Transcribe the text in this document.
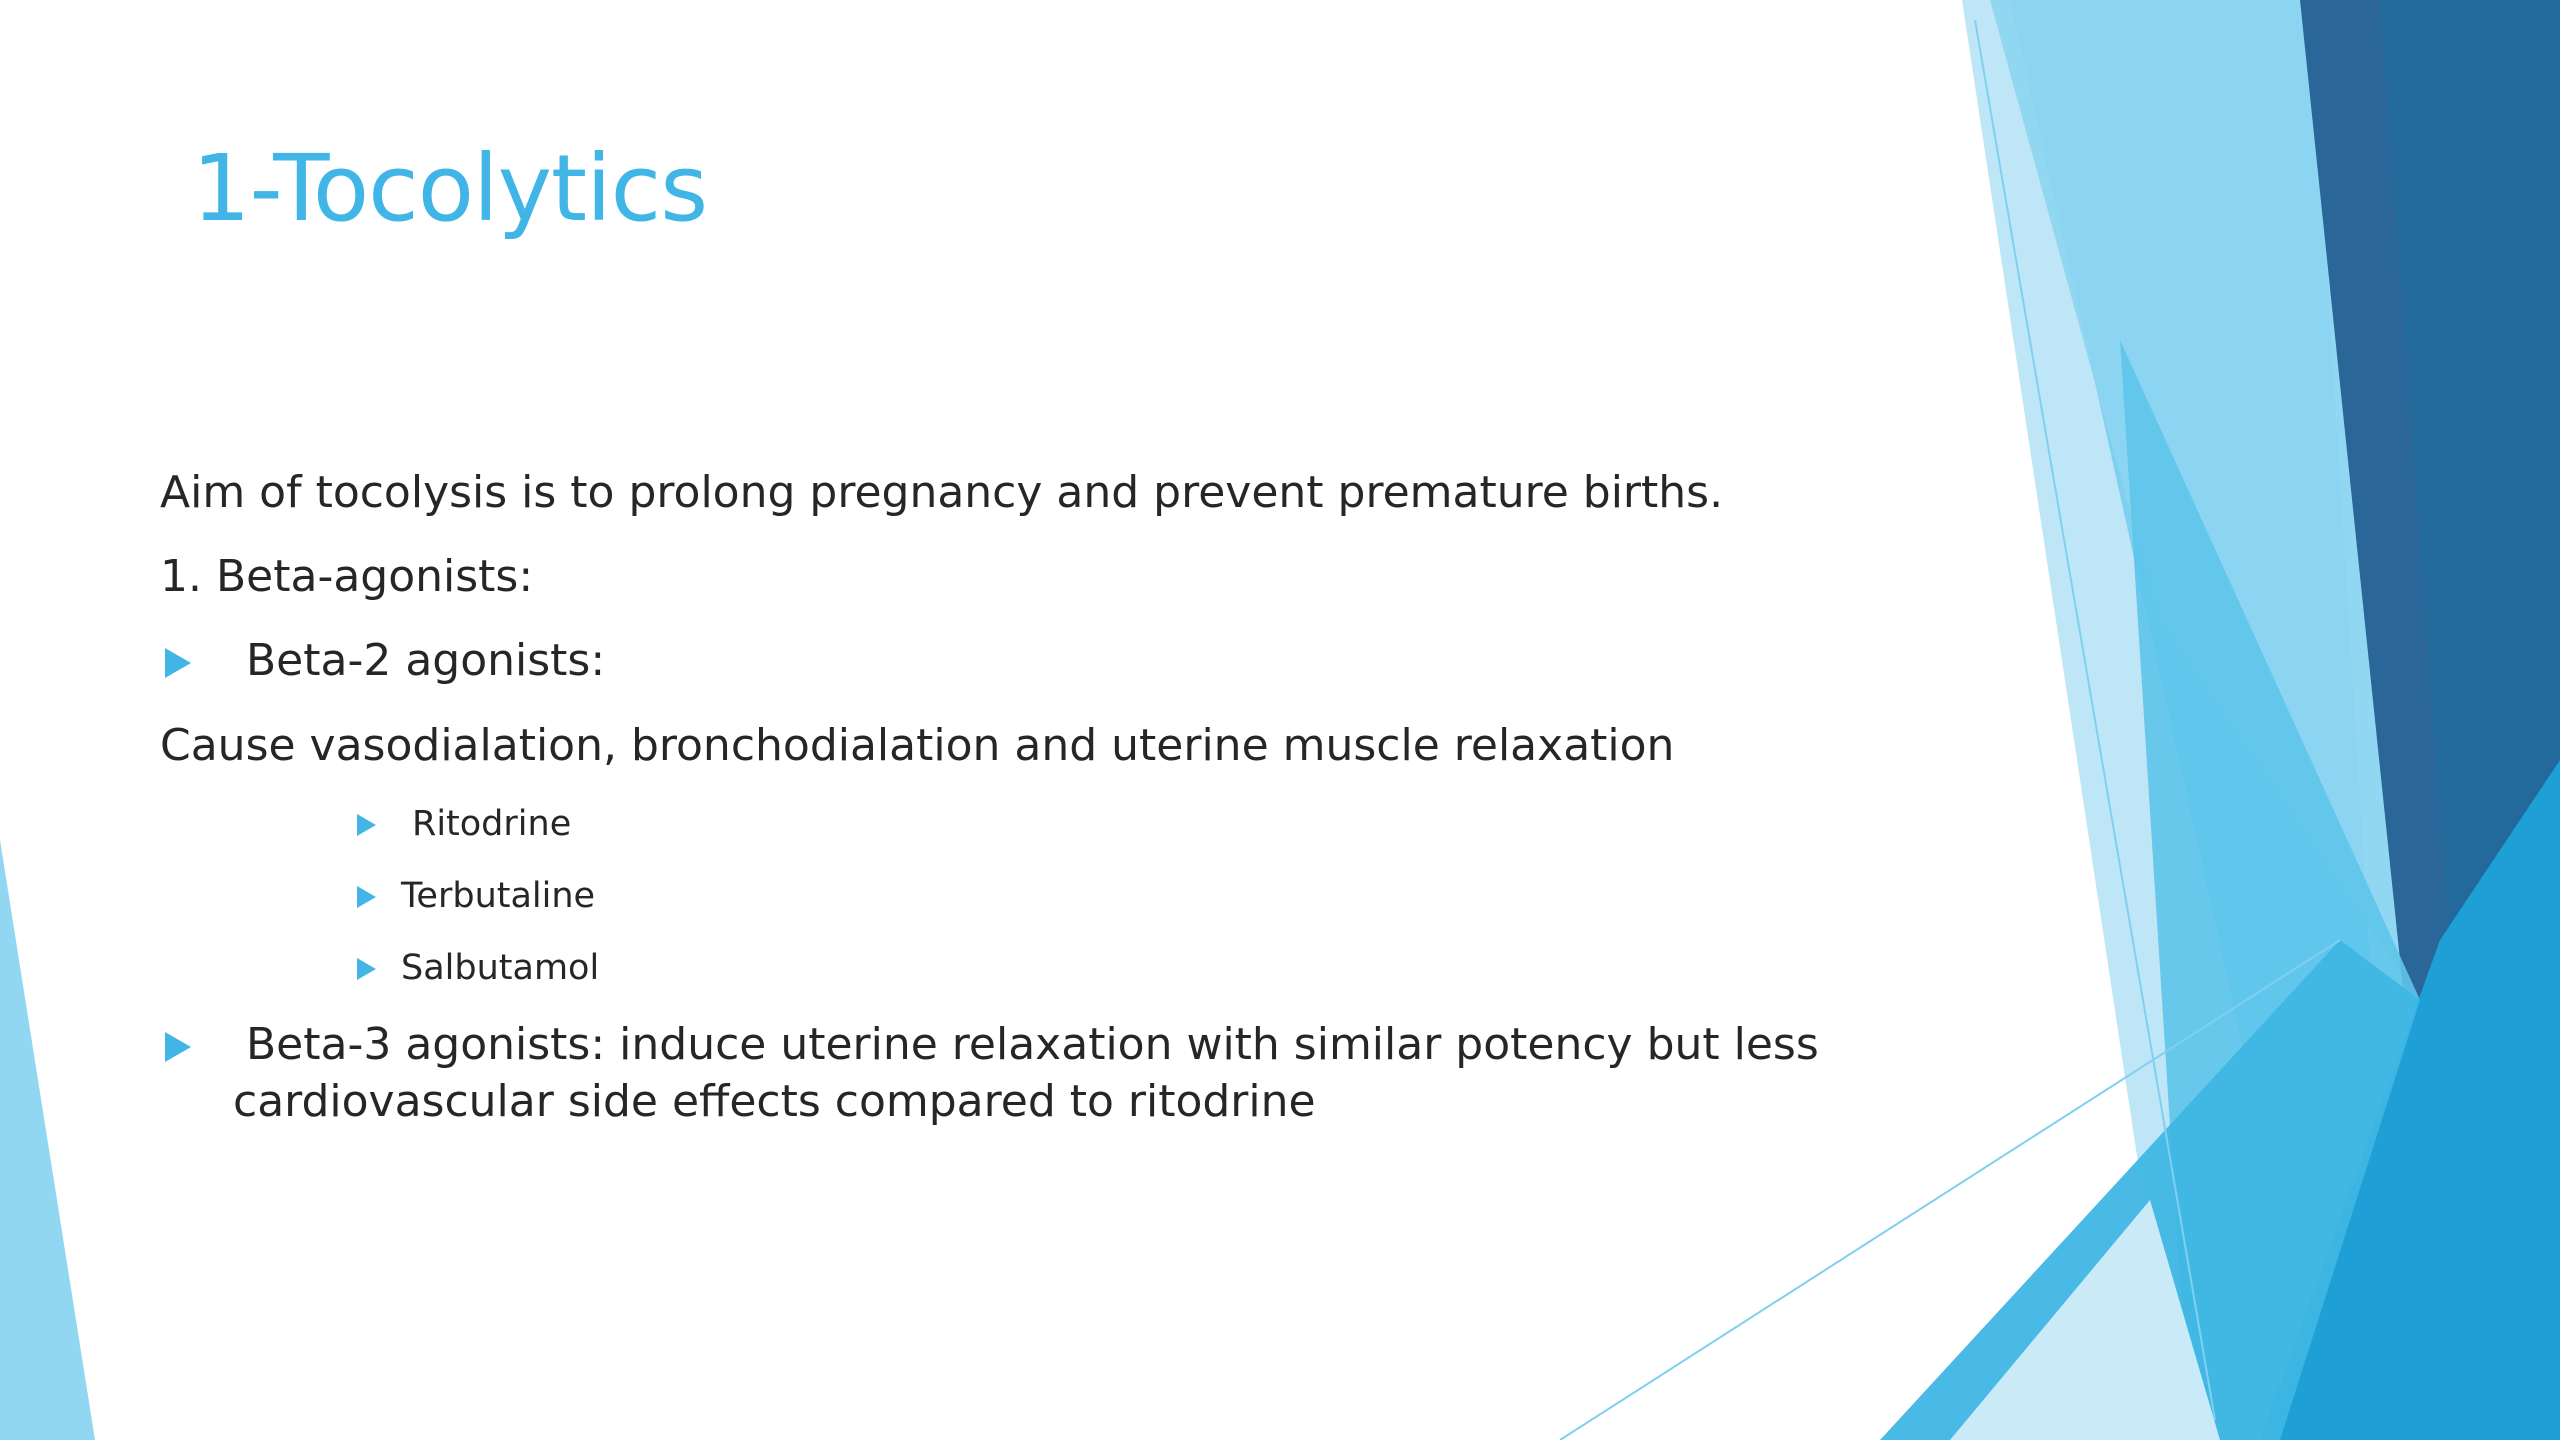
1-Tocolytics
Aim of tocolysis is to prolong pregnancy and prevent premature births.
1. Beta-agonists:
Beta-2 agonists:
Cause vasodialation, bronchodialation and uterine muscle relaxation
Ritodrine
Terbutaline
Salbutamol
Beta-3 agonists: induce uterine relaxation with similar potency but less
cardiovascular side effects compared to ritodrine
